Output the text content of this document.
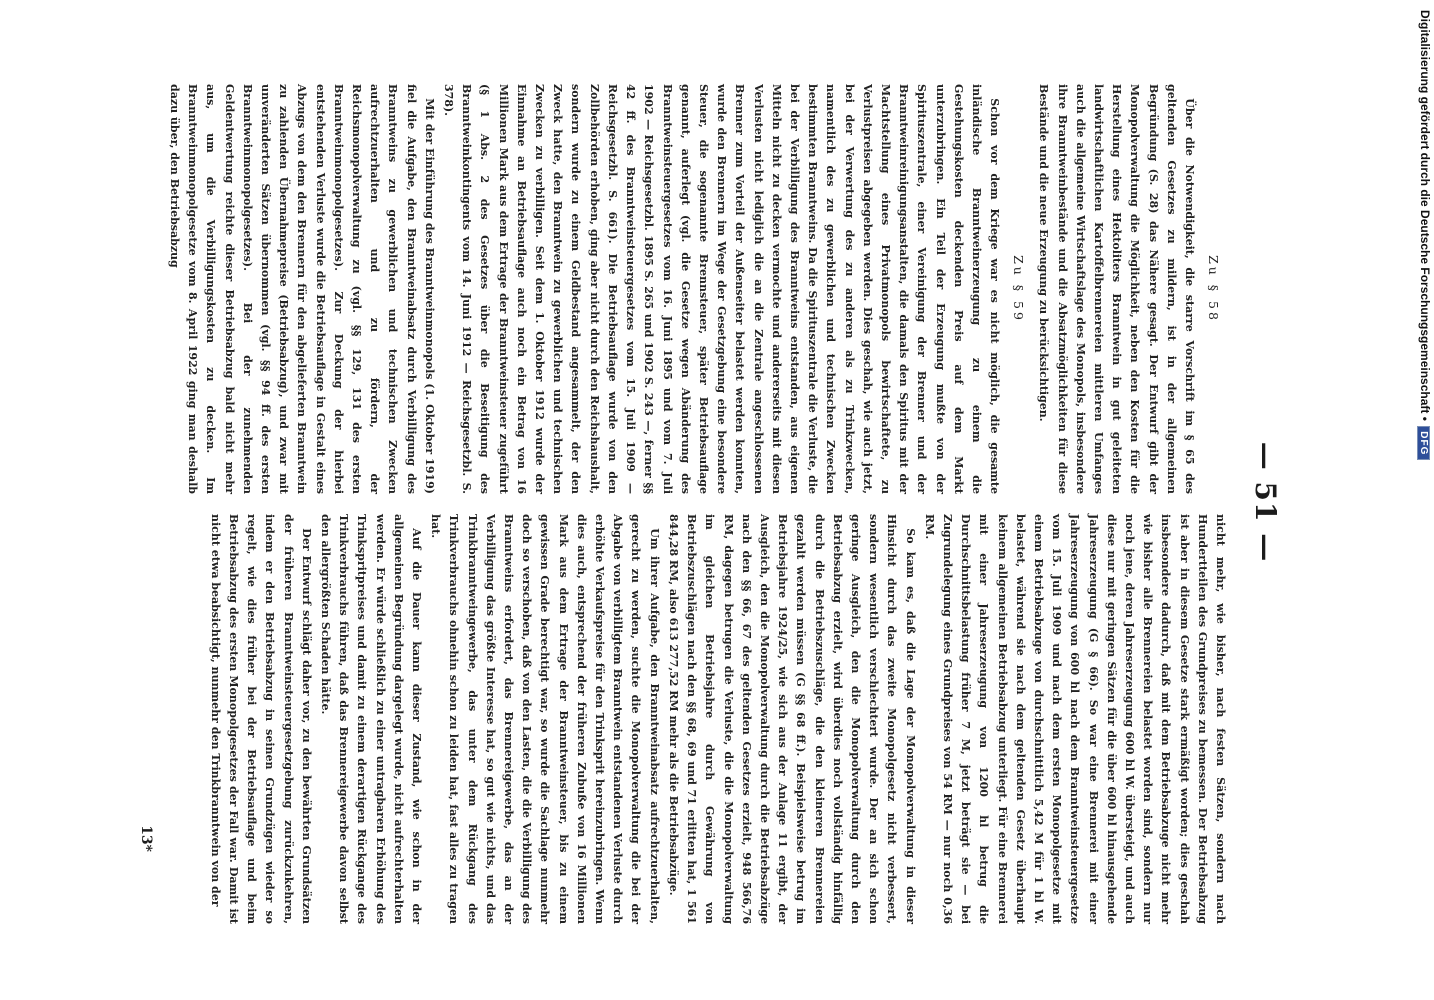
— 51 —
Zu § 58

Über die Notwendigkeit, die starre Vorschrift im § 65 des geltenden Gesetzes zu mildern, ist in der allgemeinen Begründung (S. 28) das Nähere gesagt. Der Entwurf gibt der Monopolverwaltung die Möglichkeit, neben den Kosten für die Herstellung eines Hektoliters Branntwein in gut geleiteten landwirtschaftlichen Kartoffelbrennereien mittleren Umfanges auch die allgemeine Wirtschaftslage des Monopols, insbesondere ihre Branntweinbestände und die Absatzmöglichkeiten für diese Bestände und die neue Erzeugung zu berücksichtigen.

Zu § 59

Schon vor dem Kriege war es nicht möglich, die gesamte inländische Branntweinerzeugung zu einem die Gestehungskosten deckenden Preis auf dem Markt unterzubringen. Ein Teil der Erzeugung mußte von der Spirituszentrale, einer Vereinigung der Brenner und der Branntweinreinigungsanstalten, die damals den Spiritus mit der Machtstellung eines Privatmonopols bewirtschaftete, zu Verlustpreisen abgegeben werden. Dies geschah, wie auch jetzt, bei der Verwertung des zu anderen als zu Trinkzwecken, namentlich des zu gewerblichen und technischen Zwecken bestimmten Branntweins. Da die Spirituszentrale die Verluste, die bei der Verbilligung des Branntweins entstanden, aus eigenen Mitteln nicht zu decken vermochte und andererseits mit diesen Verlusten nicht lediglich die an die Zentrale angeschlossenen Brenner zum Vorteil der Außenseiter belastet werden konnten, wurde den Brennern im Wege der Gesetzgebung eine besondere Steuer, die sogenannte Brennsteuer, später Betriebsauflage genannt, auferlegt (vgl. die Gesetze wegen Abänderung des Branntweinsteuergesetzes vom 16. Juni 1895 und vom 7. Juli 1902 — Reichsgesetzbl. 1895 S. 265 und 1902 S. 243 —, ferner §§ 42 ff. des Branntweinsteuergesetzes vom 15. Juli 1909 — Reichsgesetzbl. S. 661). Die Betriebsauflage wurde von den Zollbehörden erhoben, ging aber nicht durch den Reichshaushalt, sondern wurde zu einem Geldbestand angesammelt, der den Zweck hatte, den Branntwein zu gewerblichen und technischen Zwecken zu verbilligen. Seit dem 1. Oktober 1912 wurde der Einnahme an Betriebsauflage auch noch ein Betrag von 16 Millionen Mark aus dem Ertrage der Branntweinsteuer zugeführt (§ 1 Abs. 2 des Gesetzes über die Beseitigung des Branntweinkontingents vom 14. Juni 1912 — Reichsgesetzbl. S. 378).

Mit der Einführung des Branntweinmonopols (1. Oktober 1919) fiel die Aufgabe, den Branntweinabsatz durch Verbilligung des Branntweins zu gewerblichen und technischen Zwecken aufrechtzuerhalten und zu fördern, der Reichsmonopolverwaltung zu (vgl. §§ 129, 131 des ersten Branntweinmonopolgesetzes). Zur Deckung der hierbei entstehenden Verluste wurde die Betriebsauflage in Gestalt eines Abzugs von dem den Brennern für den abgelieferten Branntwein zu zahlenden Übernahmepreise (Betriebsabzug), und zwar mit unveränderten Sätzen übernommen (vgl. §§ 94 ff. des ersten Branntweinmonopolgesetzes). Bei der zunehmenden Geldentwertung reichte dieser Betriebsabzug bald nicht mehr aus, um die Verbilligungskosten zu decken. Im Branntweinmonopolgesetze vom 8. April 1922 ging man deshalb dazu über, den Betriebsabzug

nicht mehr, wie bisher, nach festen Sätzen, sondern nach Hundertteilen des Grundpreises zu bemessen. Der Betriebsabzug ist aber in diesem Gesetze stark ermäßigt worden; dies geschah insbesondere dadurch, daß mit dem Betriebsabzuge nicht mehr wie bisher alle Brennereien belastet worden sind, sondern nur noch jene, deren Jahreserzeugung 600 hl W. übersteigt, und auch diese nur mit geringen Sätzen für die über 600 hl hinausgehende Jahreserzeugung (G § 66). So war eine Brennerei mit einer Jahreserzeugung von 600 hl nach dem Branntweinsteuergesetze vom 15. Juli 1909 und nach dem ersten Monopolgesetze mit einem Betriebsabzuge von durchschnittlich 5,42 M für 1 hl W. belastet, während sie nach dem geltenden Gesetz überhaupt keinem allgemeinen Betriebsabzug unterliegt. Für eine Brennerei mit einer Jahreserzeugung von 1200 hl betrug die Durchschnittsbelastung früher 7 M, jetzt beträgt sie — bei Zugrundelegung eines Grundpreises von 54 RM — nur noch 0,36 RM.

So kam es, daß die Lage der Monopolverwaltung in dieser Hinsicht durch das zweite Monopolgesetz nicht verbessert, sondern wesentlich verschlechtert wurde. Der an sich schon geringe Ausgleich, den die Monopolverwaltung durch den Betriebsabzug erzielt, wird überdies noch vollständig hinfällig durch die Betriebszuschläge, die den kleineren Brennereien gezahlt werden müssen (G §§ 68 ff.). Beispielsweise betrug im Betriebsjahre 1924/25, wie sich aus der Anlage 11 ergibt, der Ausgleich, den die Monopolverwaltung durch die Betriebsabzüge nach den §§ 66, 67 des geltenden Gesetzes erzielt, 948 566,76 RM, dagegen betrugen die Verluste, die die Monopolverwaltung im gleichen Betriebsjahre durch Gewährung von Betriebszuschlägen nach den §§ 68, 69 und 71 erlitten hat, 1 561 844,28 RM, also 613 277,52 RM mehr als die Betriebsabzüge.

Um ihrer Aufgabe, den Branntweinabsatz aufrechtzuerhalten, gerecht zu werden, suchte die Monopolverwaltung die bei der Abgabe von verbilligtem Branntwein entstandenen Verluste durch erhöhte Verkaufspreise für den Trinksprit hereinzubringen. Wenn dies auch, entsprechend der früheren Zubuße von 16 Millionen Mark aus dem Ertrage der Branntweinsteuer, bis zu einem gewissen Grade berechtigt war, so wurde die Sachlage nunmehr doch so verschoben, daß von den Lasten, die die Verbilligung des Branntweins erfordert, das Brennereigewerbe, das an der Verbilligung das größte Interesse hat, so gut wie nichts, und das Trinkbranntweingewerbe, das unter dem Rückgang des Trinkverbrauchs ohnehin schon zu leiden hat, fast alles zu tragen hat.

Auf die Dauer kann dieser Zustand, wie schon in der allgemeinen Begründung dargelegt wurde, nicht aufrechterhalten werden. Er würde schließlich zu einer untragbaren Erhöhung des Trinkspritpreises und damit zu einem derartigen Rückgange des Trinkverbrauchs führen, daß das Brennereigewerbe davon selbst den allergrößten Schaden hätte.

Der Entwurf schlägt daher vor, zu den bewährten Grundsätzen der früheren Branntweinsteuergesetzgebung zurückzukehren, indem er den Betriebsabzug in seinen Grundzügen wieder so regelt, wie dies früher bei der Betriebsauflage und beim Betriebsabzug des ersten Monopolgesetzes der Fall war. Damit ist nicht etwa beabsichtigt, nunmehr den Trinkbranntwein von der

13*
Digitalisierung gefördert durch die Deutsche Forschungsgemeinschaft • DFG
